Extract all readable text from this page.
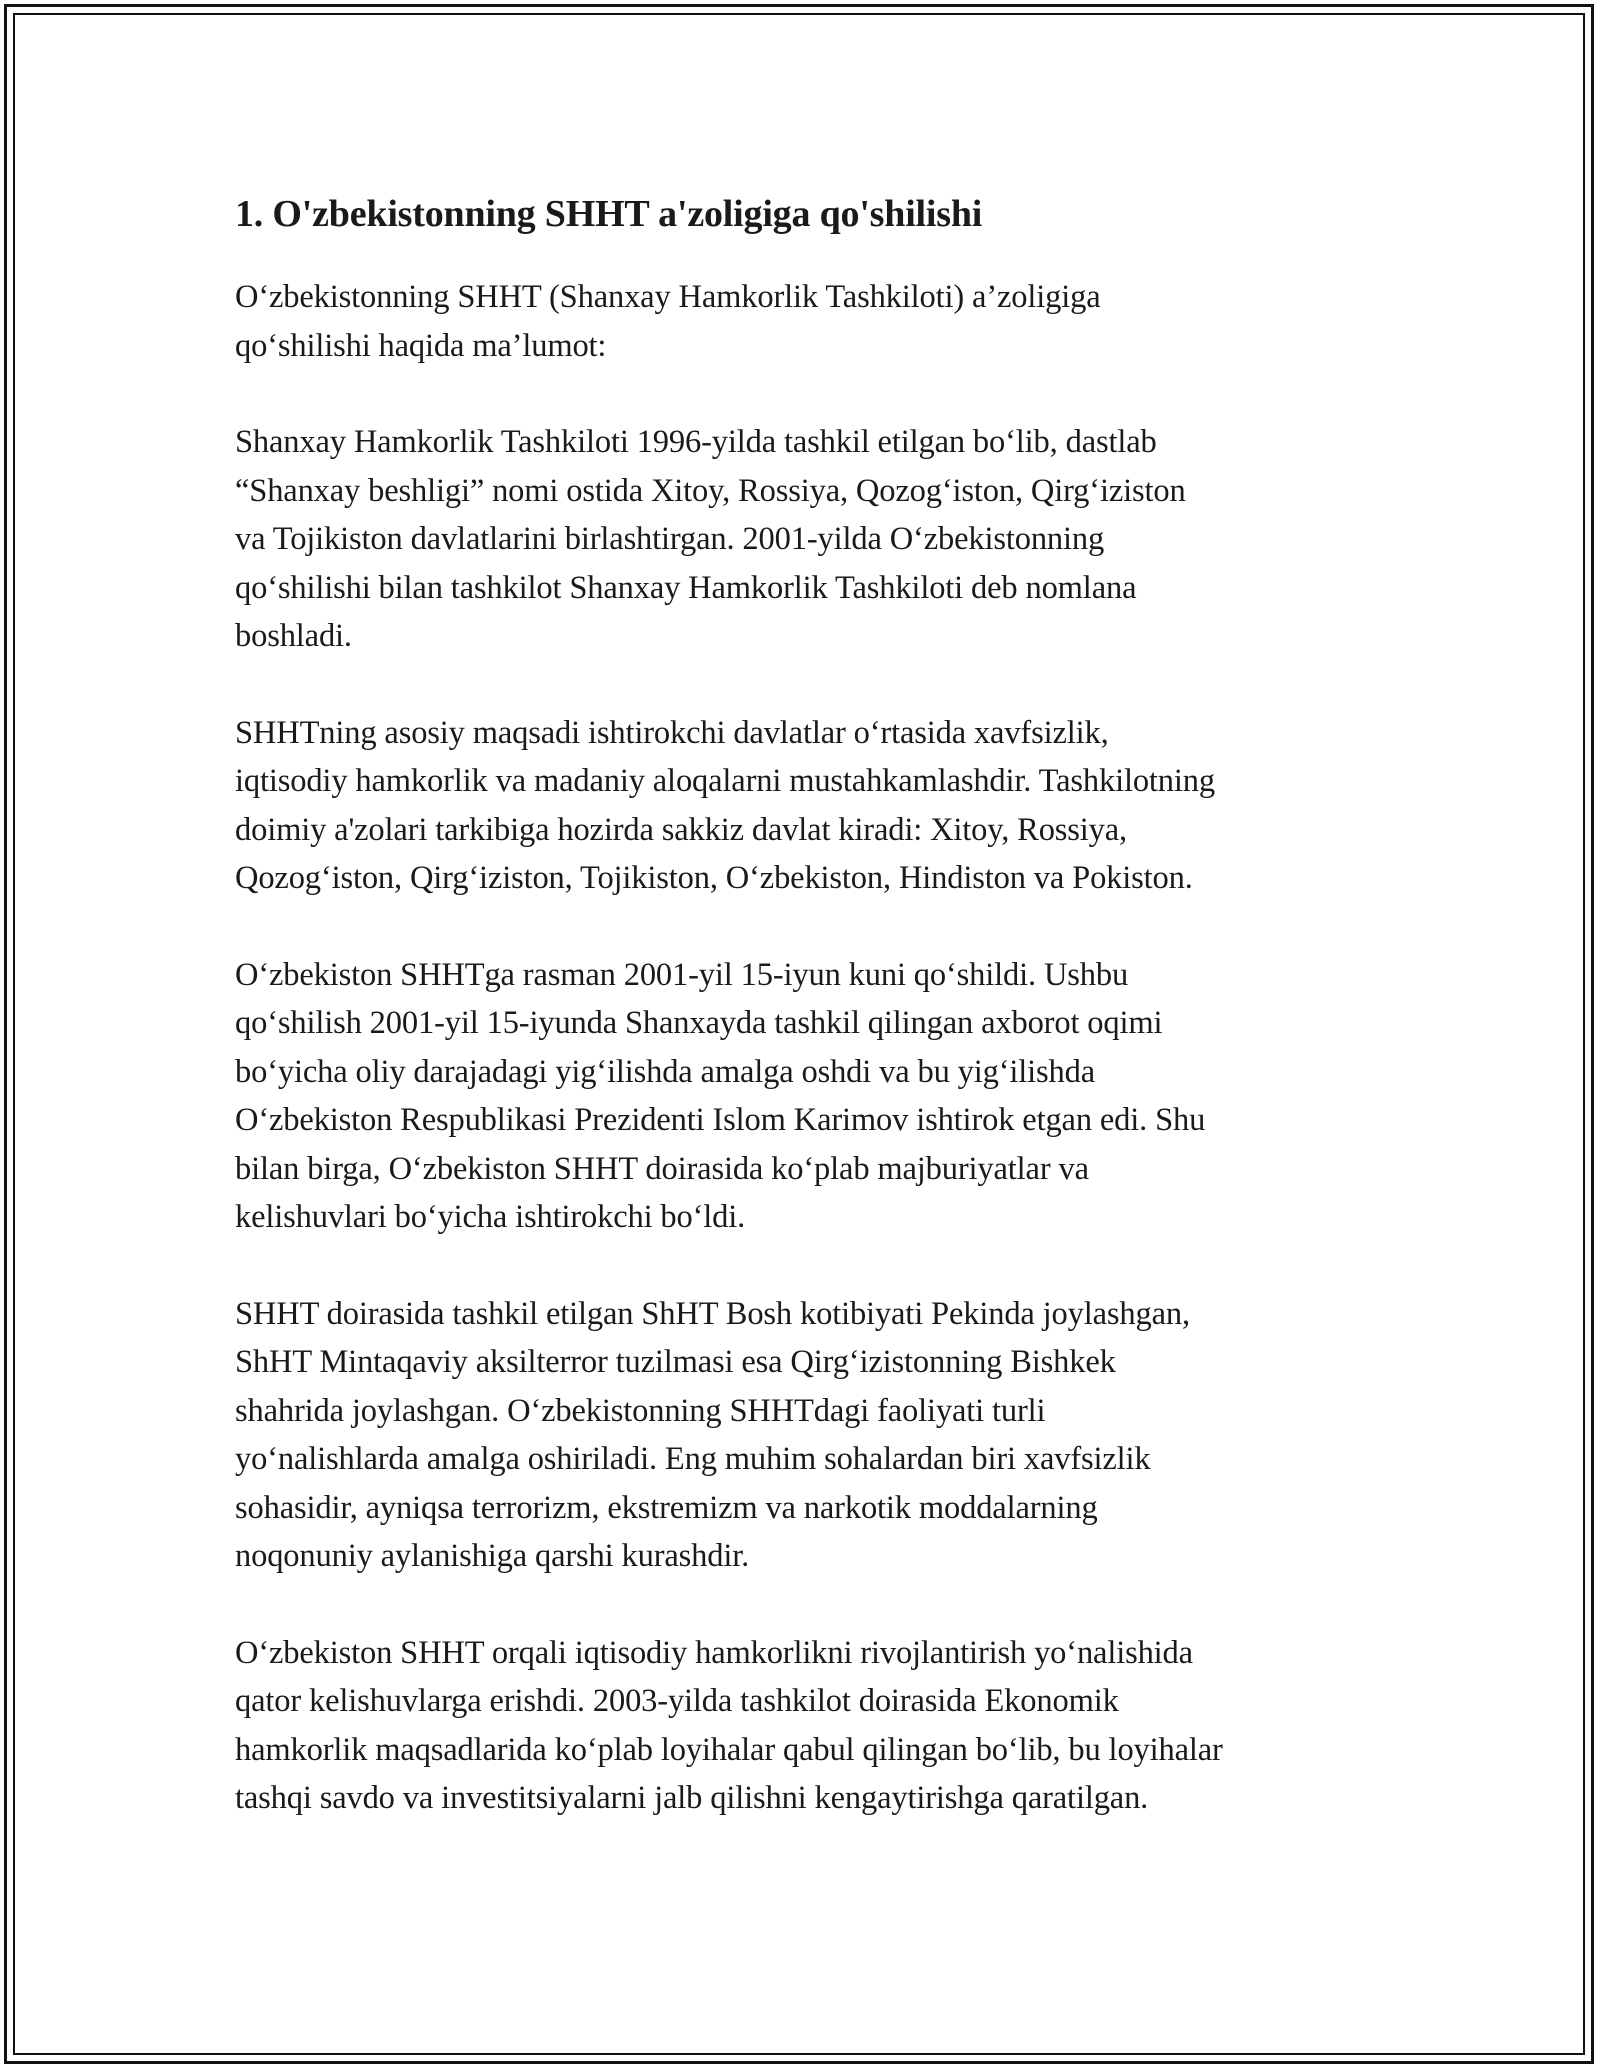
1. O'zbekistonning SHHT a'zoligiga qo'shilishi

O‘zbekistonning SHHT (Shanxay Hamkorlik Tashkiloti) a’zoligiga
qo‘shilishi haqida ma’lumot:

Shanxay Hamkorlik Tashkiloti 1996-yilda tashkil etilgan bo‘lib, dastlab
“Shanxay beshligi” nomi ostida Xitoy, Rossiya, Qozog‘iston, Qirg‘iziston
va Tojikiston davlatlarini birlashtirgan. 2001-yilda O‘zbekistonning
qo‘shilishi bilan tashkilot Shanxay Hamkorlik Tashkiloti deb nomlana
boshladi.

SHHTning asosiy maqsadi ishtirokchi davlatlar o‘rtasida xavfsizlik,
iqtisodiy hamkorlik va madaniy aloqalarni mustahkamlashdir. Tashkilotning
doimiy a'zolari tarkibiga hozirda sakkiz davlat kiradi: Xitoy, Rossiya,
Qozog‘iston, Qirg‘iziston, Tojikiston, O‘zbekiston, Hindiston va Pokiston.

O‘zbekiston SHHTga rasman 2001-yil 15-iyun kuni qo‘shildi. Ushbu
qo‘shilish 2001-yil 15-iyunda Shanxayda tashkil qilingan axborot oqimi
bo‘yicha oliy darajadagi yig‘ilishda amalga oshdi va bu yig‘ilishda
O‘zbekiston Respublikasi Prezidenti Islom Karimov ishtirok etgan edi. Shu
bilan birga, O‘zbekiston SHHT doirasida ko‘plab majburiyatlar va
kelishuvlari bo‘yicha ishtirokchi bo‘ldi.

SHHT doirasida tashkil etilgan ShHT Bosh kotibiyati Pekinda joylashgan,
ShHT Mintaqaviy aksilterror tuzilmasi esa Qirg‘izistonning Bishkek
shahrida joylashgan. O‘zbekistonning SHHTdagi faoliyati turli
yo‘nalishlarda amalga oshiriladi. Eng muhim sohalardan biri xavfsizlik
sohasidir, ayniqsa terrorizm, ekstremizm va narkotik moddalarning
noqonuniy aylanishiga qarshi kurashdir.

O‘zbekiston SHHT orqali iqtisodiy hamkorlikni rivojlantirish yo‘nalishida
qator kelishuvlarga erishdi. 2003-yilda tashkilot doirasida Ekonomik
hamkorlik maqsadlarida ko‘plab loyihalar qabul qilingan bo‘lib, bu loyihalar
tashqi savdo va investitsiyalarni jalb qilishni kengaytirishga qaratilgan.
